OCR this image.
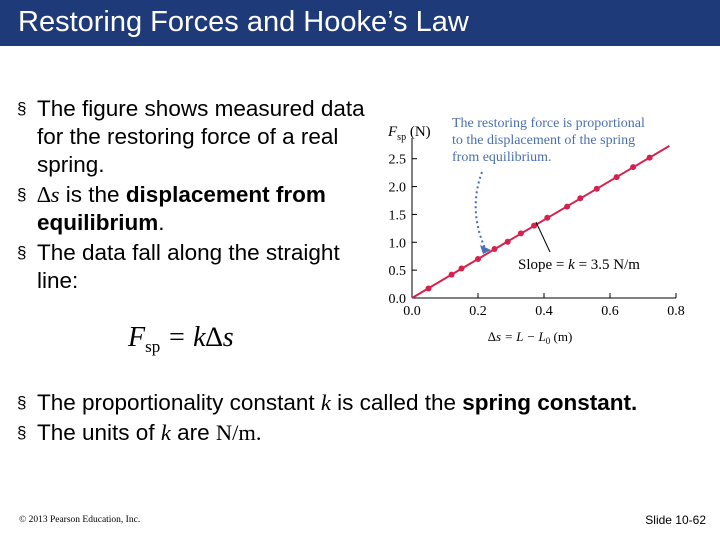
Restoring Forces and Hooke’s Law
§ The figure shows measured data for the restoring force of a real spring.
§ ∆s is the displacement from equilibrium.
§ The data fall along the straight line:
$F_{sp} = k\Delta s$
0.0	0.2	0.4	0.6	0.8
0.0
0.5
1.0
1.5
2.0
2.5
$F_{sp}$ (N)
$\Delta s = L - L_0$ (m)
The restoring force is proportional to the displacement of the spring from equilibrium.
Slope = k = 3.5 N/m
§ The proportionality constant k is called the spring constant.
§ The units of k are N/m.
© 2013 Pearson Education, Inc.	Slide 10-62
